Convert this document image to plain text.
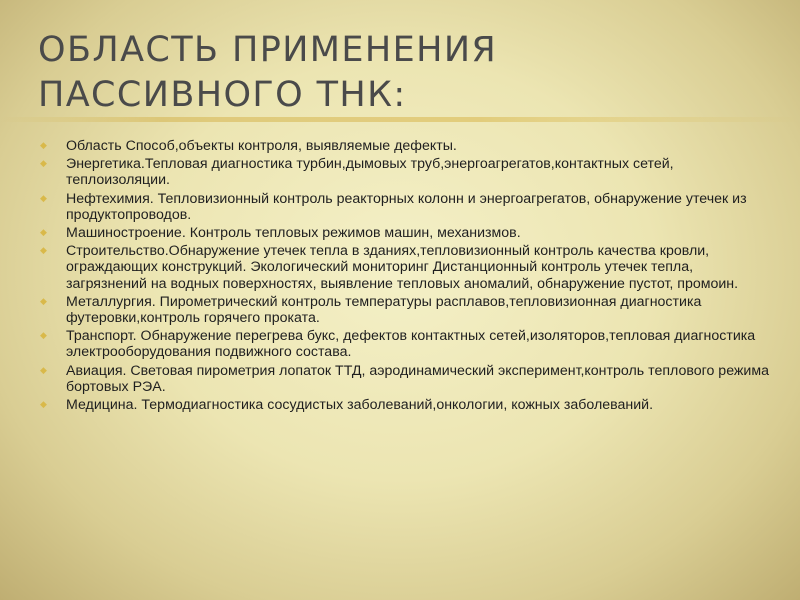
ОБЛАСТЬ ПРИМЕНЕНИЯ ПАССИВНОГО ТНК:
◆ Область Способ,объекты контроля, выявляемые дефекты.
◆ Энергетика.Тепловая диагностика турбин,дымовых труб,энергоагрегатов,контактных сетей, теплоизоляции.
◆ Нефтехимия. Тепловизионный контроль реакторных колонн и энергоагрегатов, обнаружение утечек из продуктопроводов.
◆ Машиностроение. Контроль тепловых режимов машин, механизмов.
◆ Строительство.Обнаружение утечек тепла в зданиях,тепловизионный контроль качества кровли, ограждающих конструкций. Экологический мониторинг Дистанционный контроль утечек тепла, загрязнений на водных поверхностях, выявление тепловых аномалий, обнаружение пустот, промоин.
◆ Металлургия. Пирометрический контроль температуры расплавов,тепловизионная диагностика футеровки,контроль горячего проката.
◆ Транспорт. Обнаружение перегрева букс, дефектов контактных сетей,изоляторов,тепловая диагностика электрооборудования подвижного состава.
◆ Авиация. Световая пирометрия лопаток ТТД, аэродинамический эксперимент,контроль теплового режима бортовых РЭА.
◆ Медицина. Термодиагностика сосудистых заболеваний,онкологии, кожных заболеваний.
